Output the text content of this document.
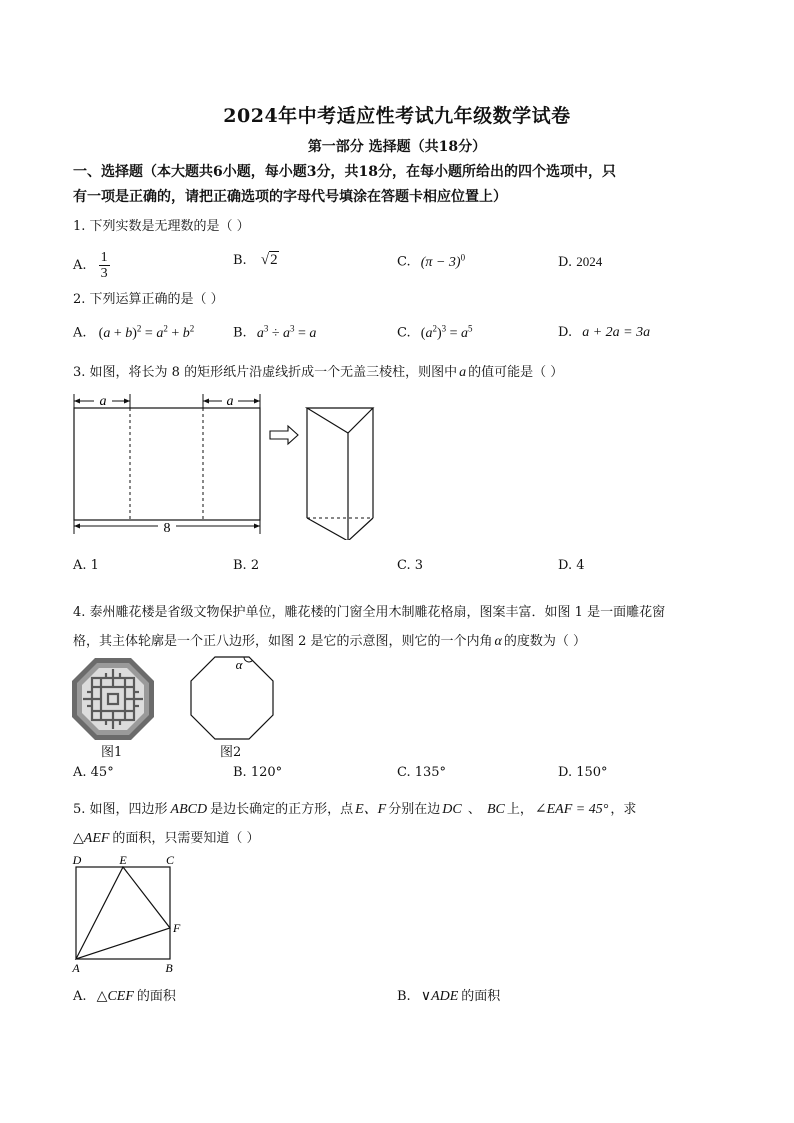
2024年中考适应性考试九年级数学试卷
第一部分 选择题（共18分）
一、选择题（本大题共6小题，每小题3分，共18分，在每小题所给出的四个选项中，只
有一项是正确的，请把正确选项的字母代号填涂在答题卡相应位置上）
1. 下列实数是无理数的是（ ）
A. $\frac{1}{3}$	B. √2	C. $(\pi - 3)^0$	D. 2024
2. 下列运算正确的是（ ）
A. $(a + b)^2 = a^2 + b^2$	B. $a^3 \div a^3 = a$	C. $(a^2)^3 = a^5$	D. a + 2a = 3a
3. 如图，将长为 8 的矩形纸片沿虚线折成一个无盖三棱柱，则图中 a 的值可能是（ ）
a	a
8
A. 1	B. 2	C. 3	D. 4
4. 泰州雕花楼是省级文物保护单位，雕花楼的门窗全用木制雕花格扇，图案丰富．如图 1 是一面雕花窗
格，其主体轮廓是一个正八边形，如图 2 是它的示意图，则它的一个内角 α 的度数为（ ）
图1
α
图2
A. 45°	B. 120°	C. 135°	D. 150°
5. 如图，四边形 ABCD 是边长确定的正方形，点 E、F 分别在边 DC 、 BC 上， ∠EAF = 45° ，求
△AEF 的面积，只需要知道（ ）
D	E	C
F
A	B
A. △CEF 的面积	B. ∨ADE 的面积
